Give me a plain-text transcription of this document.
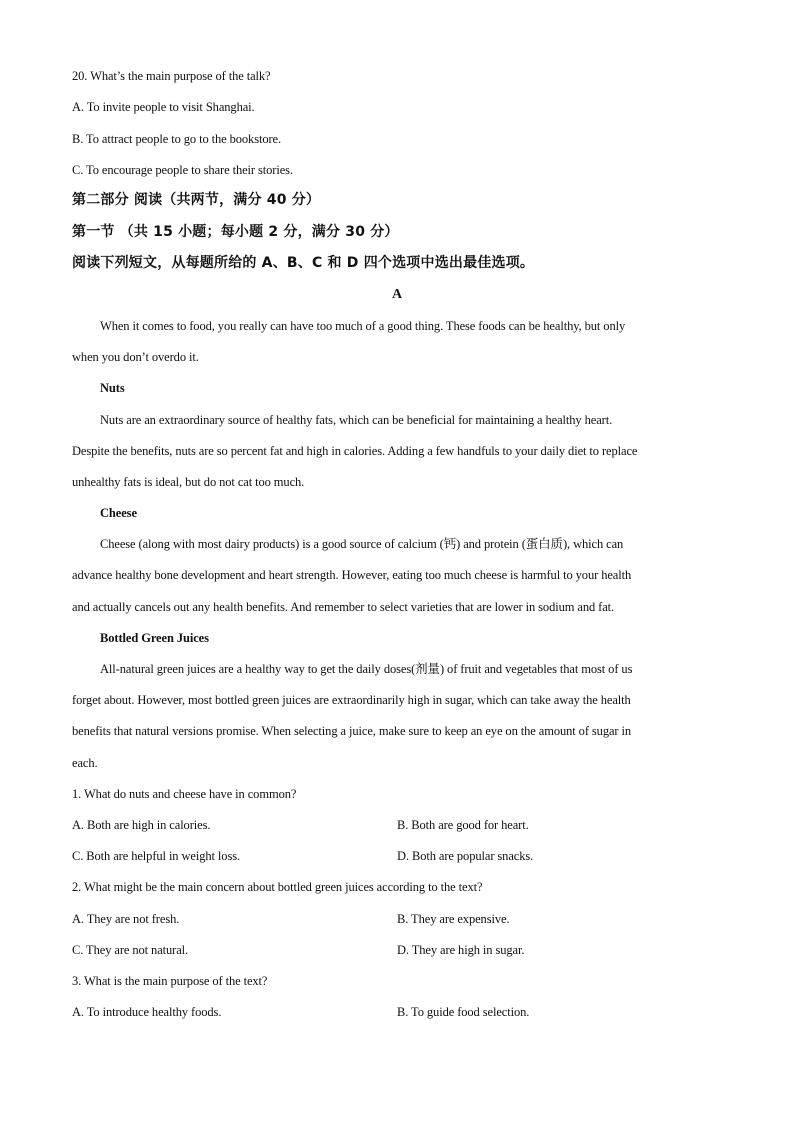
20. What’s the main purpose of the talk?
A. To invite people to visit Shanghai.
B. To attract people to go to the bookstore.
C. To encourage people to share their stories.
第二部分 阅读（共两节，满分 40 分）
第一节 （共 15 小题；每小题 2 分，满分 30 分）
阅读下列短文，从每题所给的 A、B、C 和 D 四个选项中选出最佳选项。
A
When it comes to food, you really can have too much of a good thing. These foods can be healthy, but only
when you don’t overdo it.
Nuts
Nuts are an extraordinary source of healthy fats, which can be beneficial for maintaining a healthy heart.
Despite the benefits, nuts are so percent fat and high in calories. Adding a few handfuls to your daily diet to replace
unhealthy fats is ideal, but do not cat too much.
Cheese
Cheese (along with most dairy products) is a good source of calcium (钙) and protein (蛋白质), which can
advance healthy bone development and heart strength. However, eating too much cheese is harmful to your health
and actually cancels out any health benefits. And remember to select varieties that are lower in sodium and fat.
Bottled Green Juices
All-natural green juices are a healthy way to get the daily doses(剂量) of fruit and vegetables that most of us
forget about. However, most bottled green juices are extraordinarily high in sugar, which can take away the health
benefits that natural versions promise. When selecting a juice, make sure to keep an eye on the amount of sugar in
each.
1. What do nuts and cheese have in common?
A. Both are high in calories.	B. Both are good for heart.
C. Both are helpful in weight loss.	D. Both are popular snacks.
2. What might be the main concern about bottled green juices according to the text?
A. They are not fresh.	B. They are expensive.
C. They are not natural.	D. They are high in sugar.
3. What is the main purpose of the text?
A. To introduce healthy foods.	B. To guide food selection.
